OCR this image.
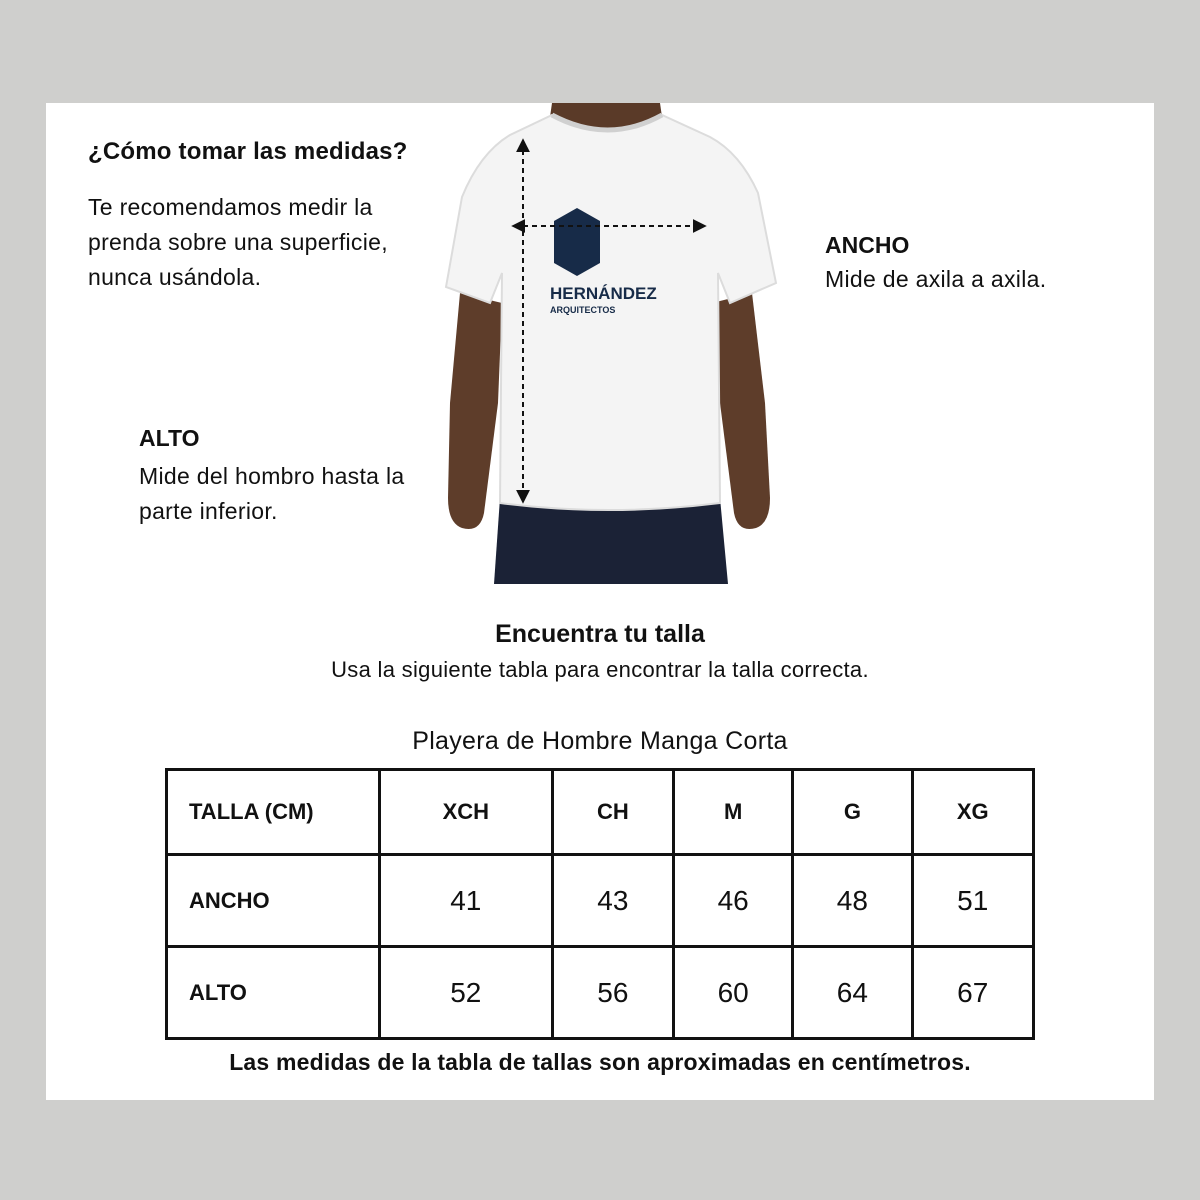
¿Cómo tomar las medidas?
Te recomendamos medir la prenda sobre una superficie, nunca usándola.
HERNÁNDEZ
ARQUITECTOS
ANCHO
Mide de axila a axila.
ALTO
Mide del hombro hasta la parte inferior.
Encuentra tu talla
Usa la siguiente tabla para encontrar la talla correcta.
Playera de Hombre Manga Corta
TALLA (CM)	XCH	CH	M	G	XG
ANCHO	41	43	46	48	51
ALTO	52	56	60	64	67
Las medidas de la tabla de tallas son aproximadas en centímetros.
